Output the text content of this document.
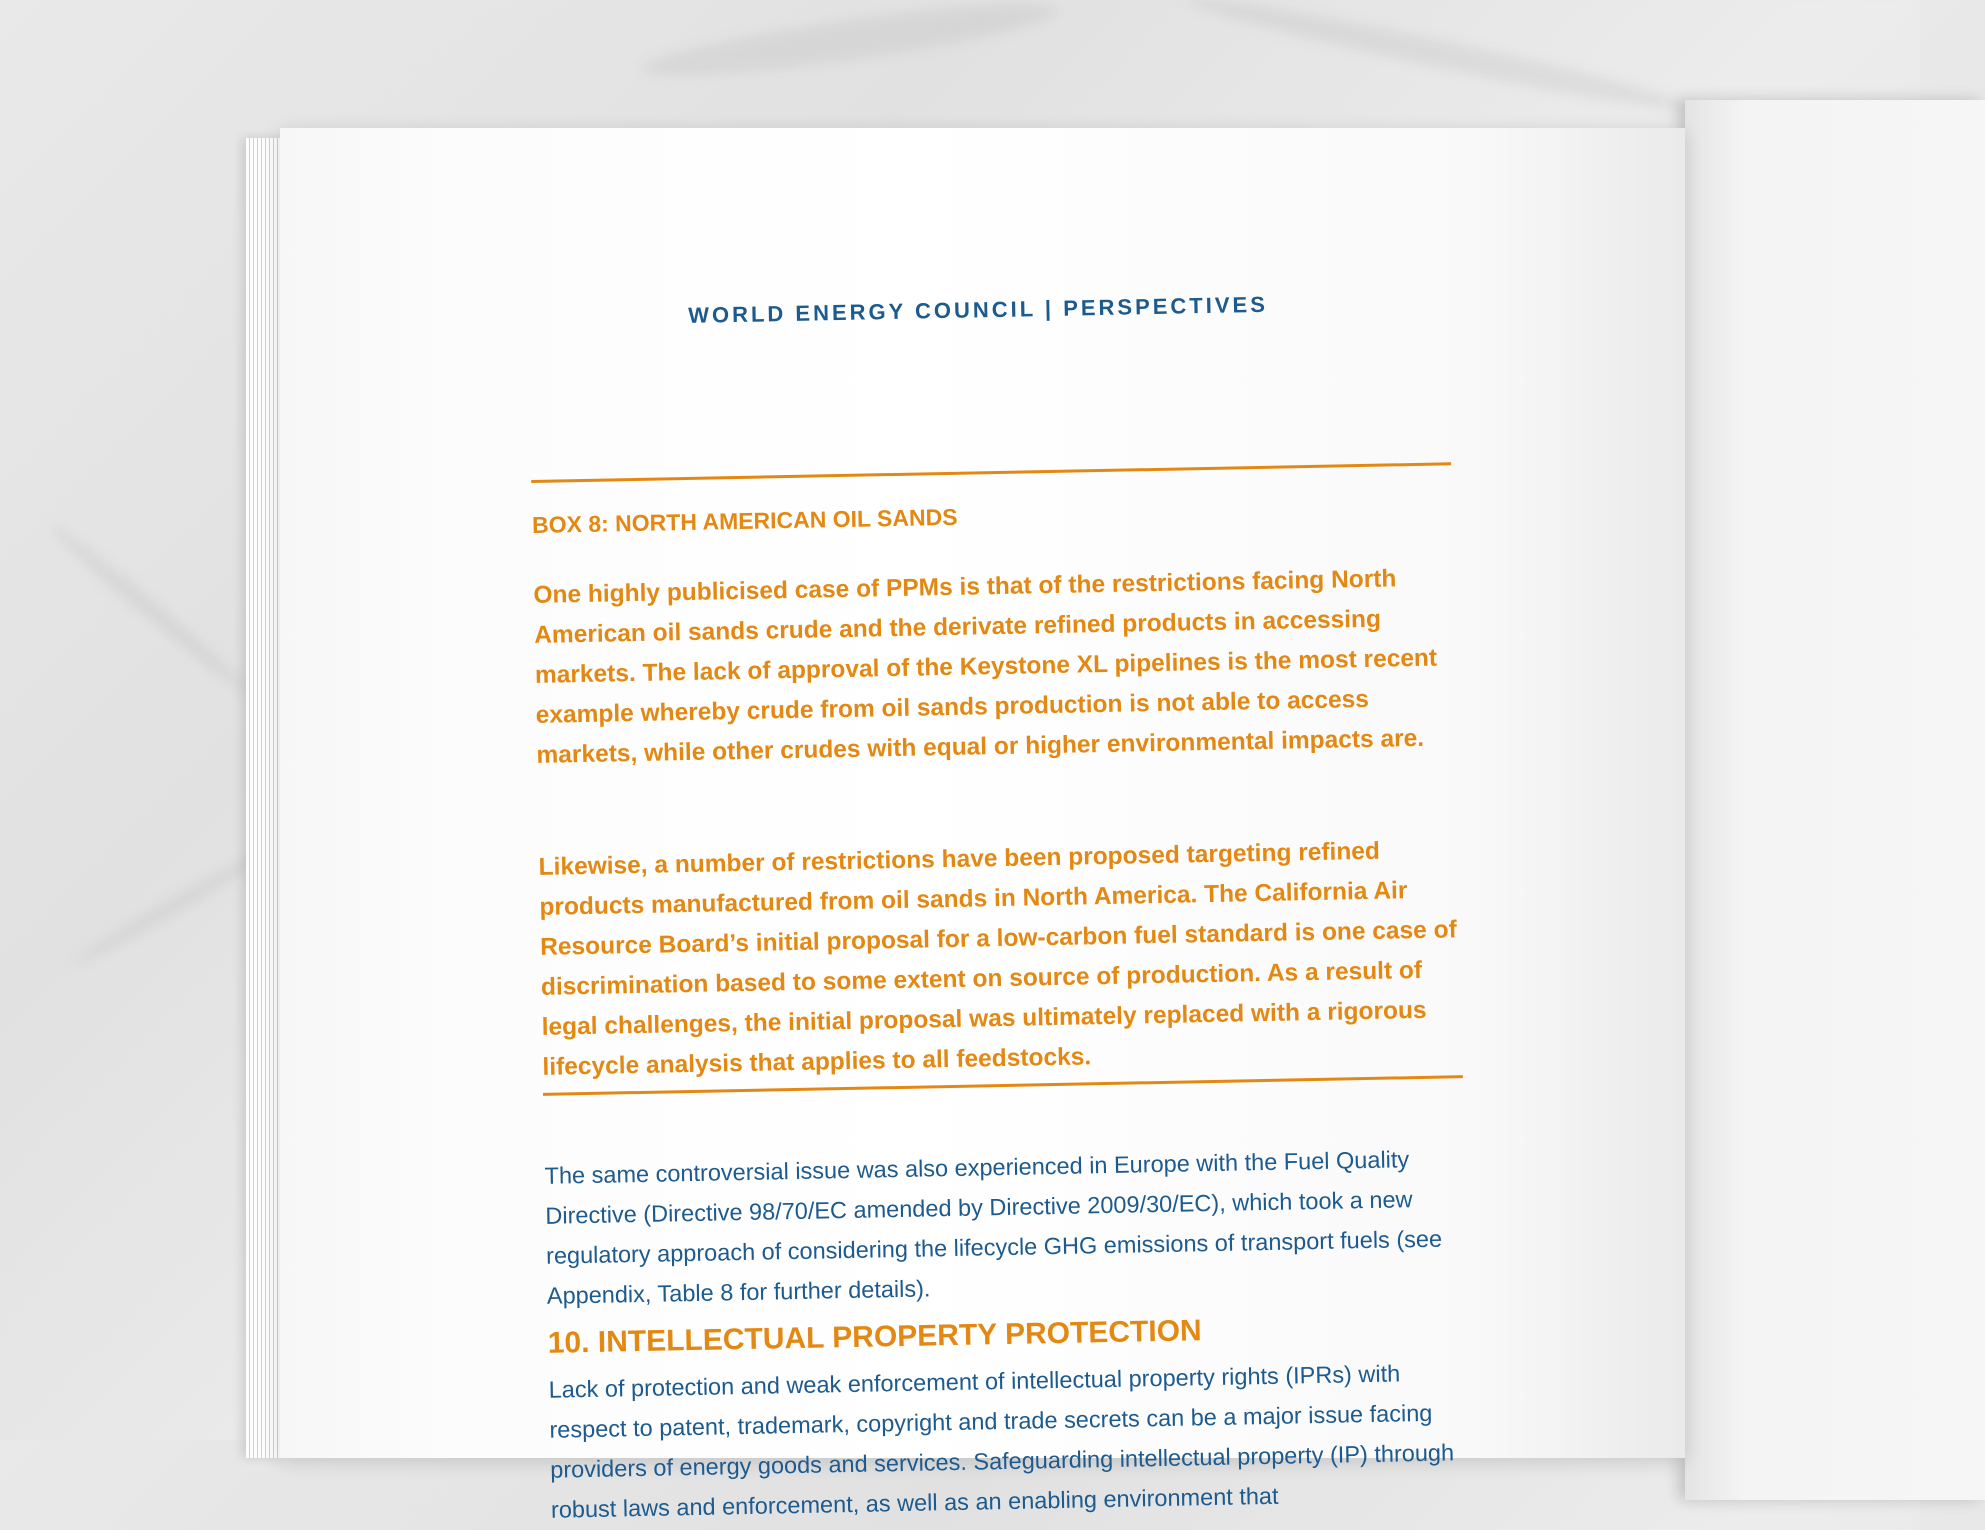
WORLD ENERGY COUNCIL | PERSPECTIVES
BOX 8: NORTH AMERICAN OIL SANDS

One highly publicised case of PPMs is that of the restrictions facing North American oil sands crude and the derivate refined products in accessing markets. The lack of approval of the Keystone XL pipelines is the most recent example whereby crude from oil sands production is not able to access markets, while other crudes with equal or higher environmental impacts are.

Likewise, a number of restrictions have been proposed targeting refined products manufactured from oil sands in North America. The California Air Resource Board’s initial proposal for a low-carbon fuel standard is one case of discrimination based to some extent on source of production. As a result of legal challenges, the initial proposal was ultimately replaced with a rigorous lifecycle analysis that applies to all feedstocks.

The same controversial issue was also experienced in Europe with the Fuel Quality Directive (Directive 98/70/EC amended by Directive 2009/30/EC), which took a new regulatory approach of considering the lifecycle GHG emissions of transport fuels (see Appendix, Table 8 for further details).

10. INTELLECTUAL PROPERTY PROTECTION

Lack of protection and weak enforcement of intellectual property rights (IPRs) with respect to patent, trademark, copyright and trade secrets can be a major issue facing providers of energy goods and services. Safeguarding intellectual property (IP) through robust laws and enforcement, as well as an enabling environment that
